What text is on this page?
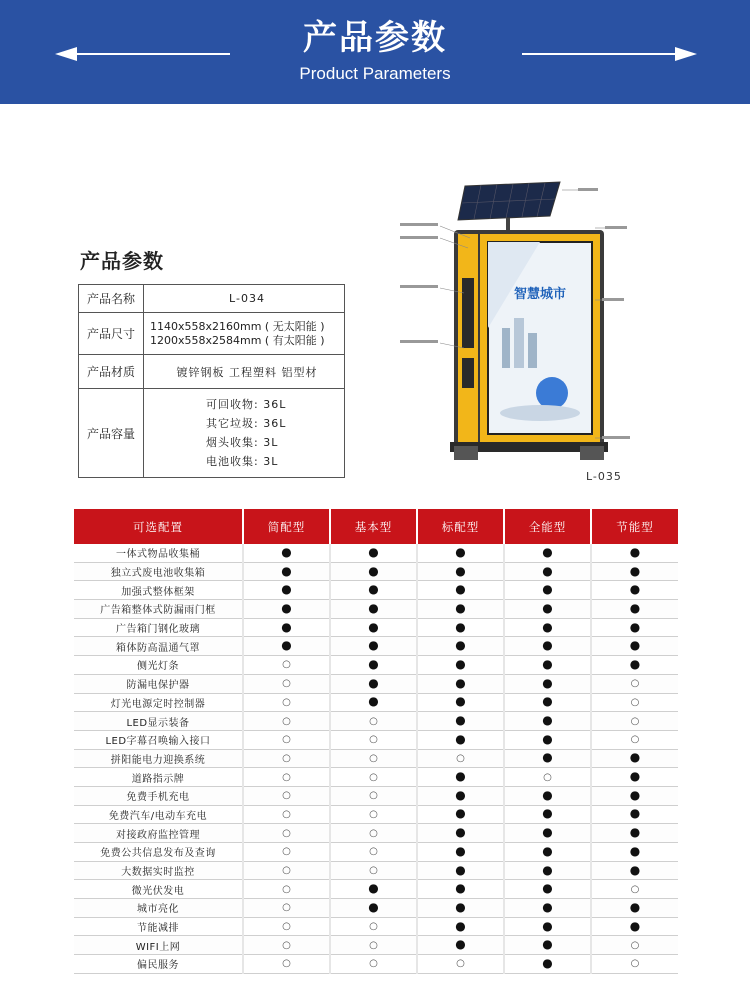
产品参数
Product Parameters
产品参数
产品名称	L-034
产品尺寸	1140x558x2160mm ( 无太阳能 )
1200x558x2584mm ( 有太阳能 )

产品材质	镀锌钢板 工程塑料 铝型材
产品容量	可回收物: 36L
其它垃圾: 36L
烟头收集: 3L
电池收集: 3L
智慧城市
L-035
可选配置	简配型	基本型	标配型	全能型	节能型
一体式物品收集桶	●	●	●	●	●
独立式废电池收集箱	●	●	●	●	●
加强式整体框架	●	●	●	●	●
广告箱整体式防漏雨门框	●	●	●	●	●
广告箱门钢化玻璃	●	●	●	●	●
箱体防高温通气罩	●	●	●	●	●
侧光灯条	○	●	●	●	●
防漏电保护器	○	●	●	●	○
灯光电源定时控制器	○	●	●	●	○
LED显示装备	○	○	●	●	○
LED字幕召唤输入接口	○	○	●	●	○
拼阳能电力迎换系统	○	○	○	●	●
道路指示牌	○	○	●	○	●
免费手机充电	○	○	●	●	●
免费汽车/电动车充电	○	○	●	●	●
对接政府监控管理	○	○	●	●	●
免费公共信息发布及查询	○	○	●	●	●
大数据实时监控	○	○	●	●	●
微光伏发电	○	●	●	●	○
城市亮化	○	●	●	●	●
节能减排	○	○	●	●	●
WIFI上网	○	○	●	●	○
偏民服务	○	○	○	●	○
